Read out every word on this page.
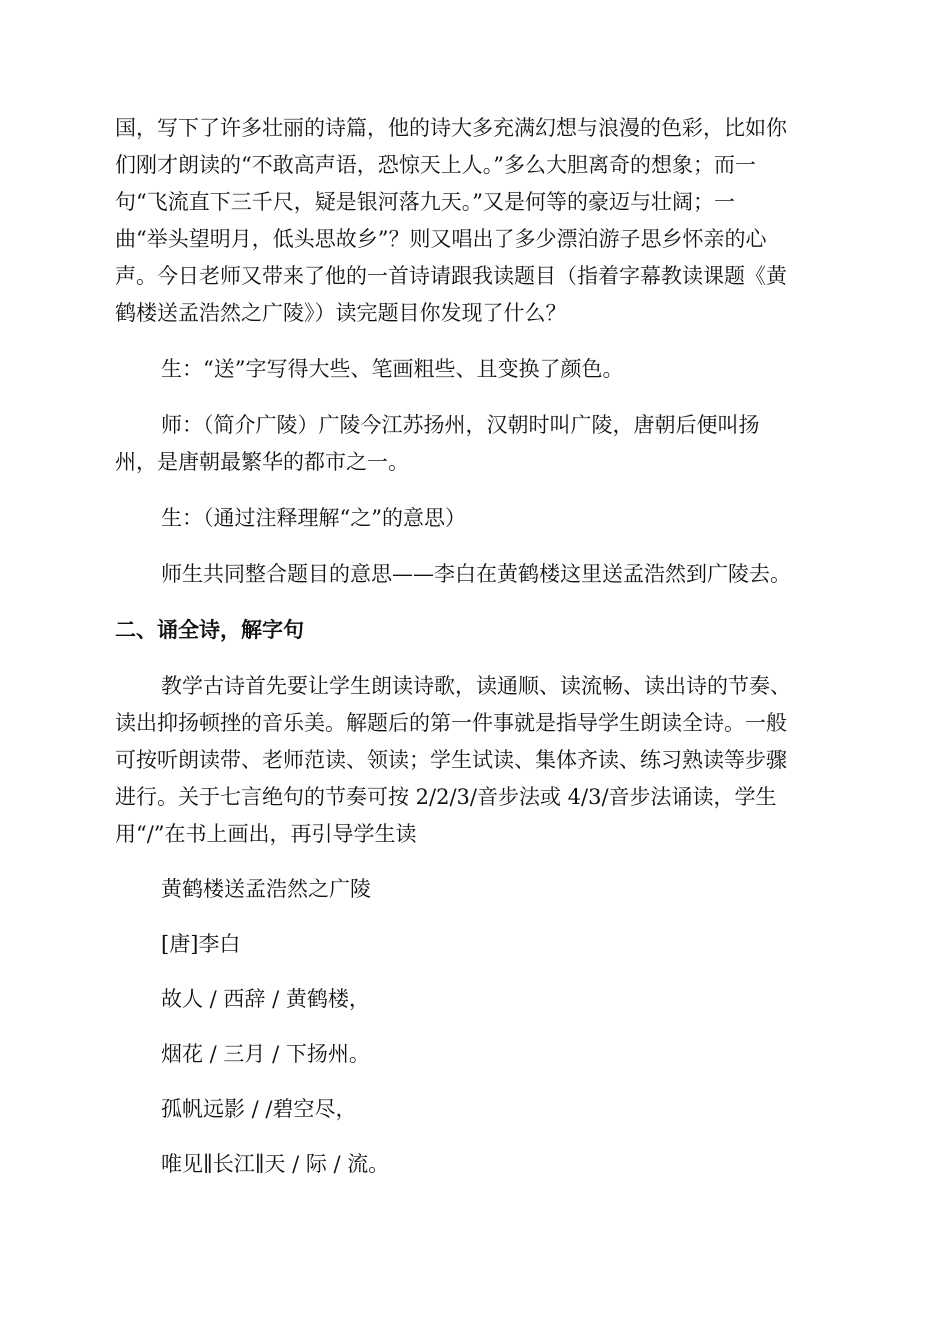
国，写下了许多壮丽的诗篇，他的诗大多充满幻想与浪漫的色彩，比如你
们刚才朗读的“不敢高声语，恐惊天上人。”多么大胆离奇的想象；而一
句“飞流直下三千尺，疑是银河落九天。”又是何等的豪迈与壮阔；一
曲“举头望明月，低头思故乡”？则又唱出了多少漂泊游子思乡怀亲的心
声。今日老师又带来了他的一首诗请跟我读题目（指着字幕教读课题《黄
鹤楼送孟浩然之广陵》）读完题目你发现了什么？

生：“送”字写得大些、笔画粗些、且变换了颜色。

师：（简介广陵）广陵今江苏扬州，汉朝时叫广陵，唐朝后便叫扬
州，是唐朝最繁华的都市之一。

生：（通过注释理解“之”的意思）

师生共同整合题目的意思——李白在黄鹤楼这里送孟浩然到广陵去。

二、诵全诗，解字句

教学古诗首先要让学生朗读诗歌，读通顺、读流畅、读出诗的节奏、
读出抑扬顿挫的音乐美。解题后的第一件事就是指导学生朗读全诗。一般
可按听朗读带、老师范读、领读；学生试读、集体齐读、练习熟读等步骤
进行。关于七言绝句的节奏可按 2/2/3/音步法或 4/3/音步法诵读，学生
用“/”在书上画出，再引导学生读

黄鹤楼送孟浩然之广陵

[唐]李白

故人 / 西辞 / 黄鹤楼，

烟花 / 三月 / 下扬州。

孤帆远影 / /碧空尽，

唯见∥长江∥天 / 际 / 流。
